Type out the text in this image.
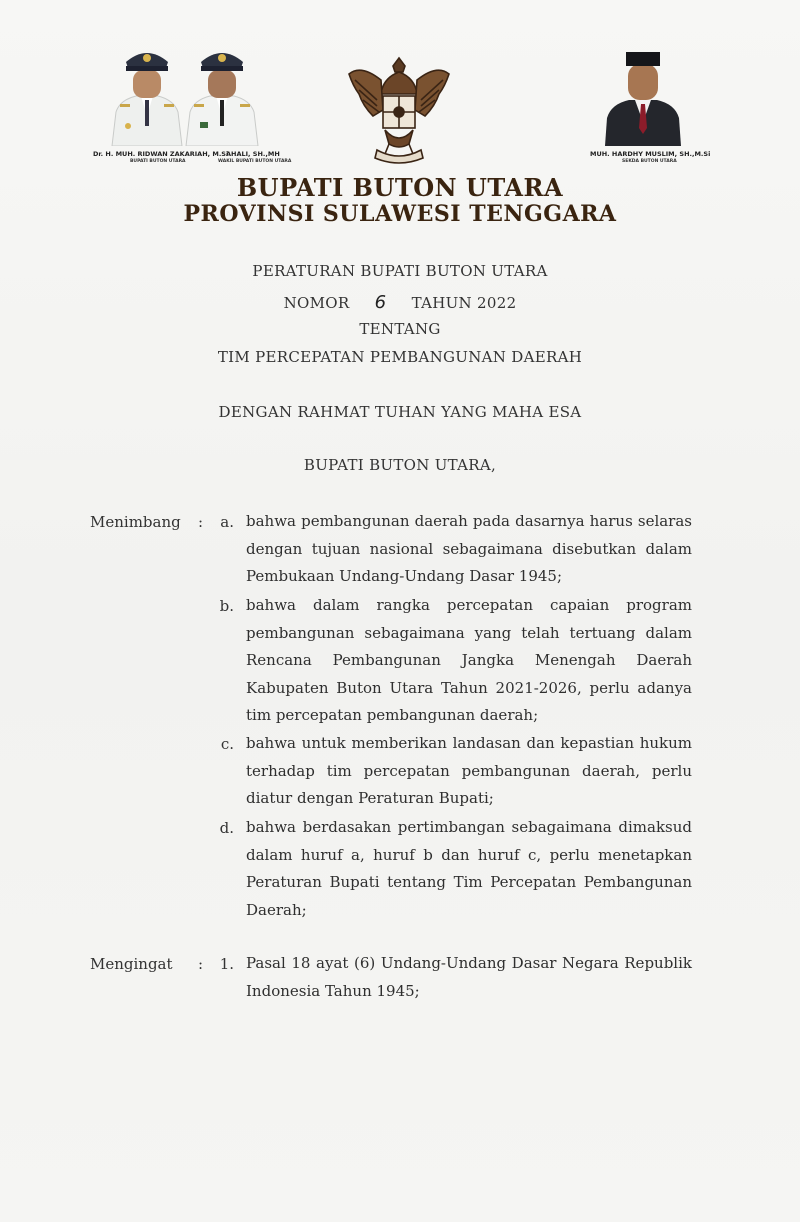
Dr. H. MUH. RIDWAN ZAKARIAH, M.Si
AHALI, SH.,MH
BUPATI BUTON UTARA	WAKIL BUPATI BUTON UTARA
MUH. HARDHY MUSLIM, SH.,M.Si
SEKDA BUTON UTARA
BUPATI BUTON UTARA
PROVINSI SULAWESI TENGGARA
PERATURAN BUPATI BUTON UTARA
NOMOR 6 TAHUN 2022
TENTANG
TIM PERCEPATAN PEMBANGUNAN DAERAH
DENGAN RAHMAT TUHAN YANG MAHA ESA
BUPATI BUTON UTARA,
Menimbang :	a. bahwa pembangunan daerah pada dasarnya harus selaras dengan tujuan nasional sebagaimana disebutkan dalam Pembukaan Undang-Undang Dasar 1945;
b. bahwa dalam rangka percepatan capaian program pembangunan sebagaimana yang telah tertuang dalam Rencana Pembangunan Jangka Menengah Daerah Kabupaten Buton Utara Tahun 2021-2026, perlu adanya tim percepatan pembangunan daerah;
c. bahwa untuk memberikan landasan dan kepastian hukum terhadap tim percepatan pembangunan daerah, perlu diatur dengan Peraturan Bupati;
d. bahwa berdasakan pertimbangan sebagaimana dimaksud dalam huruf a, huruf b dan huruf c, perlu menetapkan Peraturan Bupati tentang Tim Percepatan Pembangunan Daerah;
Mengingat :	1. Pasal 18 ayat (6) Undang-Undang Dasar Negara Republik Indonesia Tahun 1945;
